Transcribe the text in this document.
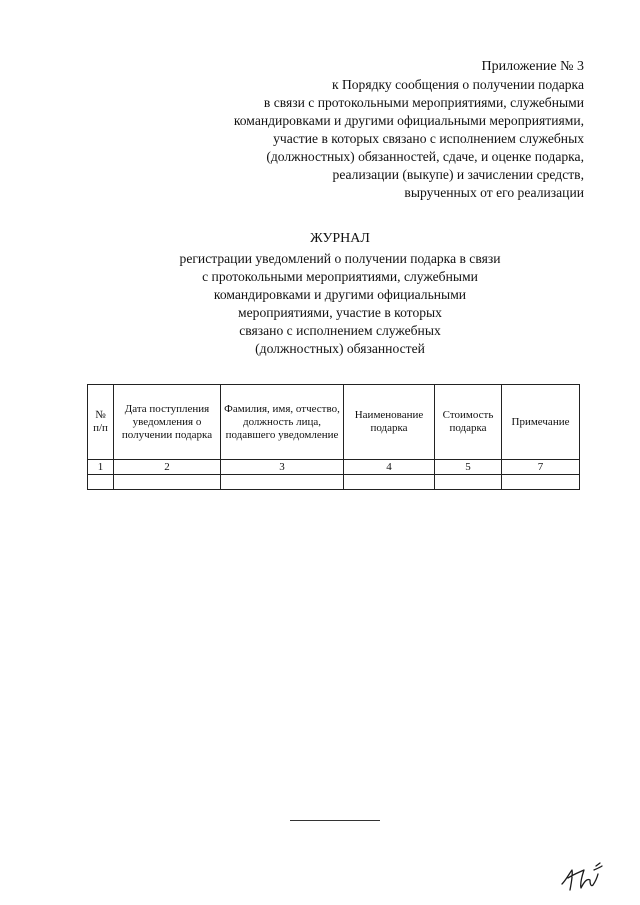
Приложение № 3
к Порядку сообщения о получении подарка
в связи с протокольными мероприятиями, служебными
командировками и другими официальными мероприятиями,
участие в которых связано с исполнением служебных
(должностных) обязанностей, сдаче, и оценке подарка,
реализации (выкупе) и зачислении средств,
вырученных от его реализации
ЖУРНАЛ
регистрации уведомлений о получении подарка в связи
с протокольными мероприятиями, служебными
командировками и другими официальными
мероприятиями, участие в которых
связано с исполнением служебных
(должностных) обязанностей
№ п/п	Дата поступления уведомления о получении подарка	Фамилия, имя, отчество, должность лица, подавшего уведомление	Наименование подарка	Стоимость подарка	Примечание
1	2	3	4	5	7
